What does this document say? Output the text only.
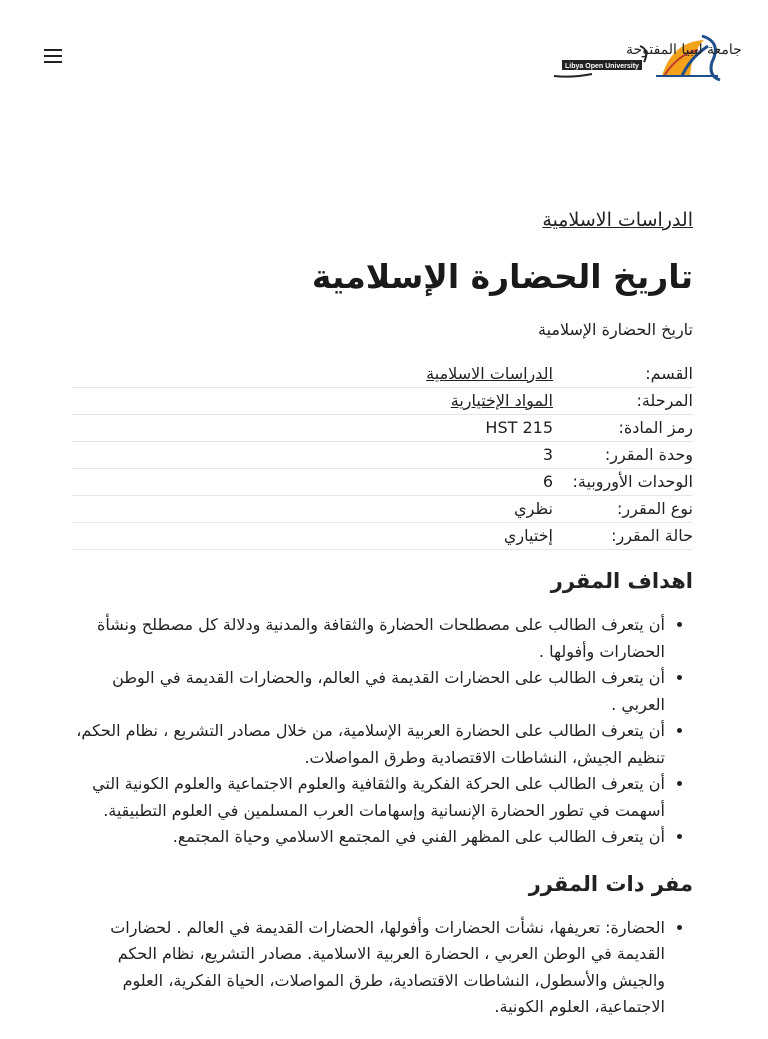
جامعة ليبيا المفتوحة
Libya Open University
الدراسات الاسلامية
تاريخ الحضارة الإسلامية

تاريخ الحضارة الإسلامية

القسم:	الدراسات الاسلامية
المرحلة:	المواد الإختيارية
رمز المادة:	HST 215
وحدة المقرر:	3
الوحدات الأوروبية:	6
نوع المقرر:	نظري
حالة المقرر:	إختياري
اهداف المقرر
• أن يتعرف الطالب على مصطلحات الحضارة والثقافة والمدنية ودلالة كل مصطلح ونشأة الحضارات وأفولها .
• أن يتعرف الطالب على الحضارات القديمة في العالم، والحضارات القديمة في الوطن العربي .
• أن يتعرف الطالب على الحضارة العربية الإسلامية، من خلال مصادر التشريع ، نظام الحكم، تنظيم الجيش، النشاطات الاقتصادية وطرق المواصلات.
• أن يتعرف الطالب على الحركة الفكرية والثقافية والعلوم الاجتماعية والعلوم الكونية التي أسهمت في تطور الحضارة الإنسانية وإسهامات العرب المسلمين في العلوم التطبيقية.
• أن يتعرف الطالب على المظهر الفني في المجتمع الاسلامي وحياة المجتمع.
مفر دات المقرر
• الحضارة: تعريفها، نشأت الحضارات وأفولها، الحضارات القديمة في العالم . لحضارات القديمة في الوطن العربي ، الحضارة العربية الاسلامية. مصادر التشريع، نظام الحكم والجيش والأسطول، النشاطات الاقتصادية، طرق المواصلات، الحياة الفكرية، العلوم الاجتماعية، العلوم الكونية.
